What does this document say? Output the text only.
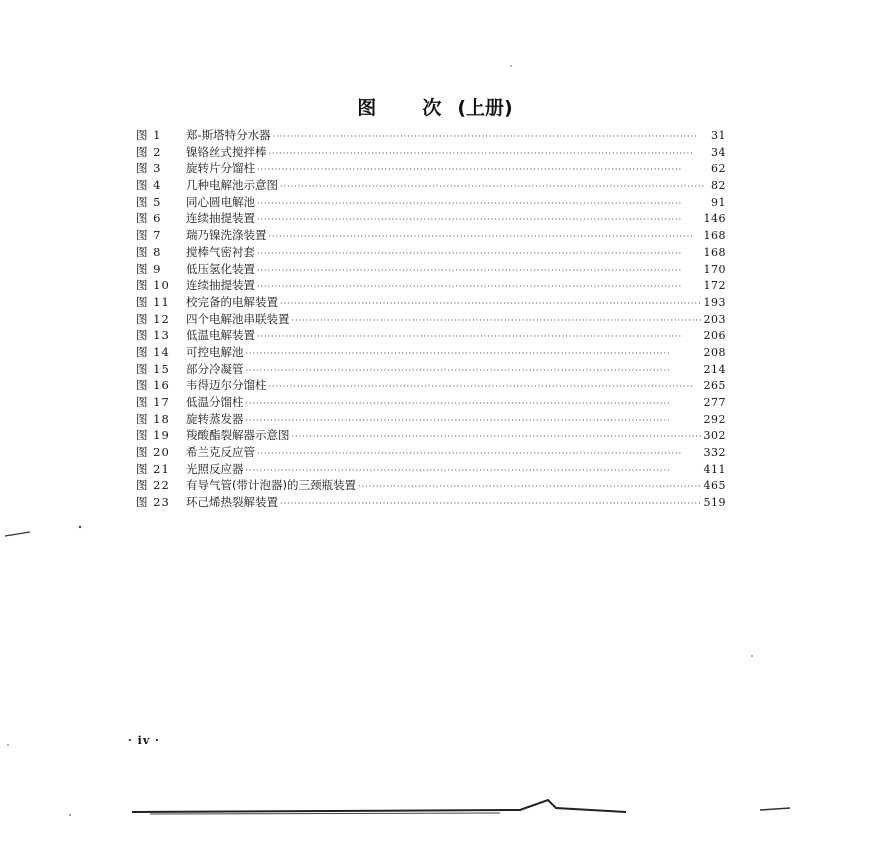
图 次 (上册)
图 1	郑-斯塔特分水器 ·····	31
图 2	镍铬丝式搅拌棒 ·····	34
图 3	旋转片分馏柱 ·····	62
图 4	几种电解池示意图 ·····	82
图 5	同心圆电解池 ·····	91
图 6	连续抽提装置 ·····	146
图 7	瑞乃镍洗涤装置 ·····	168
图 8	搅棒气密衬套 ·····	168
图 9	低压氢化装置 ·····	170
图 10	连续抽提装置 ·····	172
图 11	校完备的电解装置 ·····	193
图 12	四个电解池串联装置 ·····	203
图 13	低温电解装置 ·····	206
图 14	可控电解池 ·····	208
图 15	部分冷凝管 ·····	214
图 16	韦得迈尔分馏柱 ·····	265
图 17	低温分馏柱 ·····	277
图 18	旋转蒸发器 ·····	292
图 19	羧酸酯裂解器示意图 ·····	302
图 20	希兰克反应管 ·····	332
图 21	光照反应器 ·····	411
图 22	有导气管(带计泡器)的三颈瓶装置 ·····	465
图 23	环己烯热裂解装置 ·····	519
· iv ·
